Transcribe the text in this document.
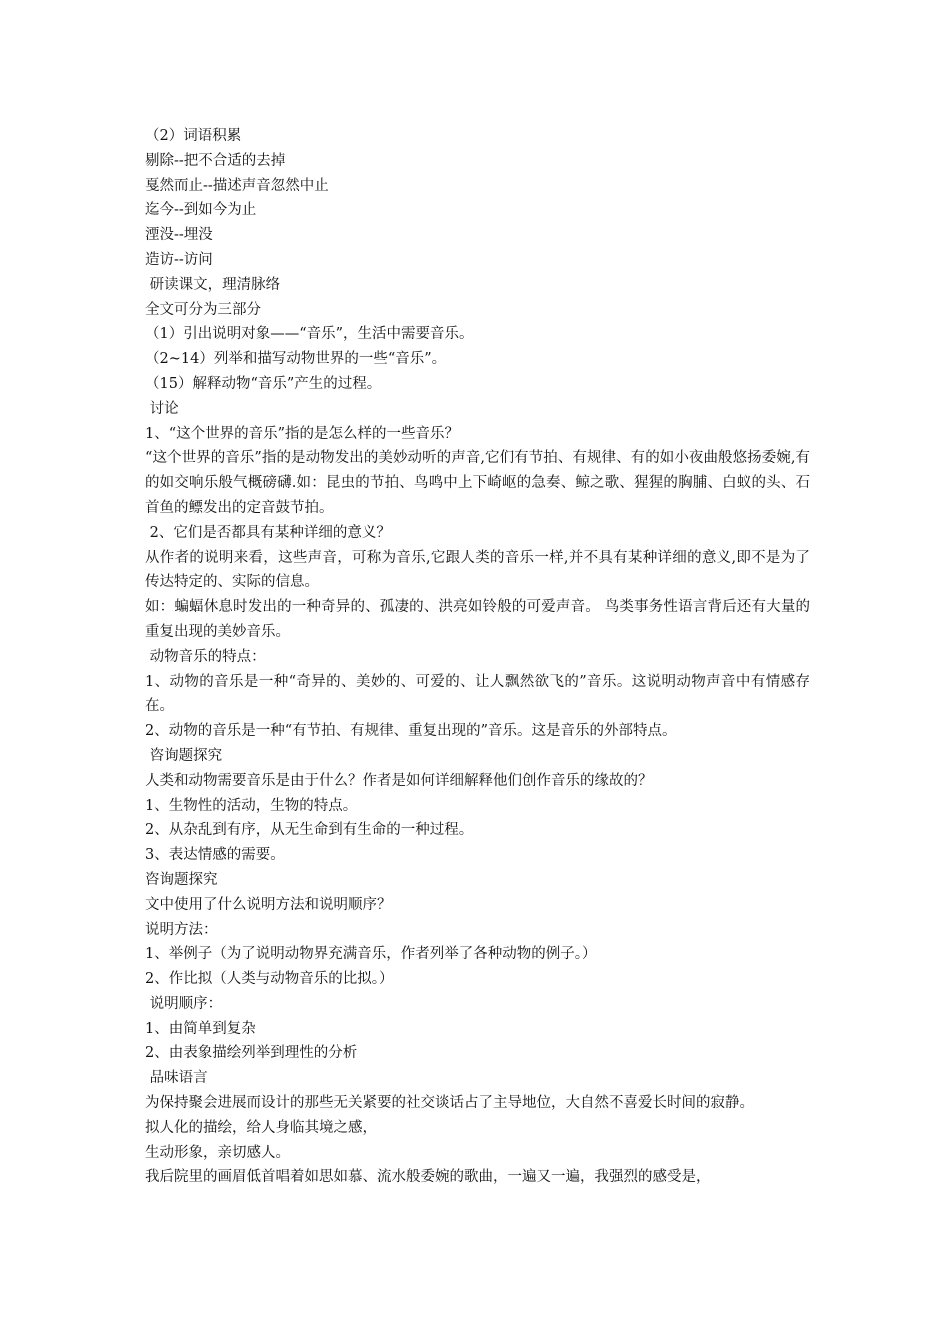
（2）词语积累
剔除--把不合适的去掉
戛然而止--描述声音忽然中止
迄今--到如今为止
湮没--埋没
造访--访问
研读课文，理清脉络
全文可分为三部分
（1）引出说明对象——“音乐”，生活中需要音乐。
（2~14）列举和描写动物世界的一些“音乐”。
（15）解释动物“音乐”产生的过程。
讨论
1、“这个世界的音乐”指的是怎么样的一些音乐？
“这个世界的音乐”指的是动物发出的美妙动听的声音,它们有节拍、有规律、有的如小夜曲般悠扬委婉,有的如交响乐般气概磅礴.如：昆虫的节拍、鸟鸣中上下崎岖的急奏、鲸之歌、猩猩的胸脯、白蚁的头、石首鱼的鳔发出的定音鼓节拍。
2、它们是否都具有某种详细的意义？
从作者的说明来看，这些声音，可称为音乐,它跟人类的音乐一样,并不具有某种详细的意义,即不是为了传达特定的、实际的信息。
如：蝙蝠休息时发出的一种奇异的、孤凄的、洪亮如铃般的可爱声音。 鸟类事务性语言背后还有大量的重复出现的美妙音乐。
动物音乐的特点：
1、动物的音乐是一种“奇异的、美妙的、可爱的、让人飘然欲飞的”音乐。这说明动物声音中有情感存在。
2、动物的音乐是一种“有节拍、有规律、重复出现的”音乐。这是音乐的外部特点。
咨询题探究
人类和动物需要音乐是由于什么？作者是如何详细解释他们创作音乐的缘故的？
1、生物性的活动，生物的特点。
2、从杂乱到有序，从无生命到有生命的一种过程。
3、表达情感的需要。
咨询题探究
文中使用了什么说明方法和说明顺序？
说明方法：
1、举例子（为了说明动物界充满音乐，作者列举了各种动物的例子。）
2、作比拟（人类与动物音乐的比拟。）
说明顺序：
1、由简单到复杂
2、由表象描绘列举到理性的分析
品味语言
为保持聚会进展而设计的那些无关紧要的社交谈话占了主导地位，大自然不喜爱长时间的寂静。
拟人化的描绘，给人身临其境之感，
生动形象，亲切感人。
我后院里的画眉低首唱着如思如慕、流水般委婉的歌曲，一遍又一遍，我强烈的感受是，
